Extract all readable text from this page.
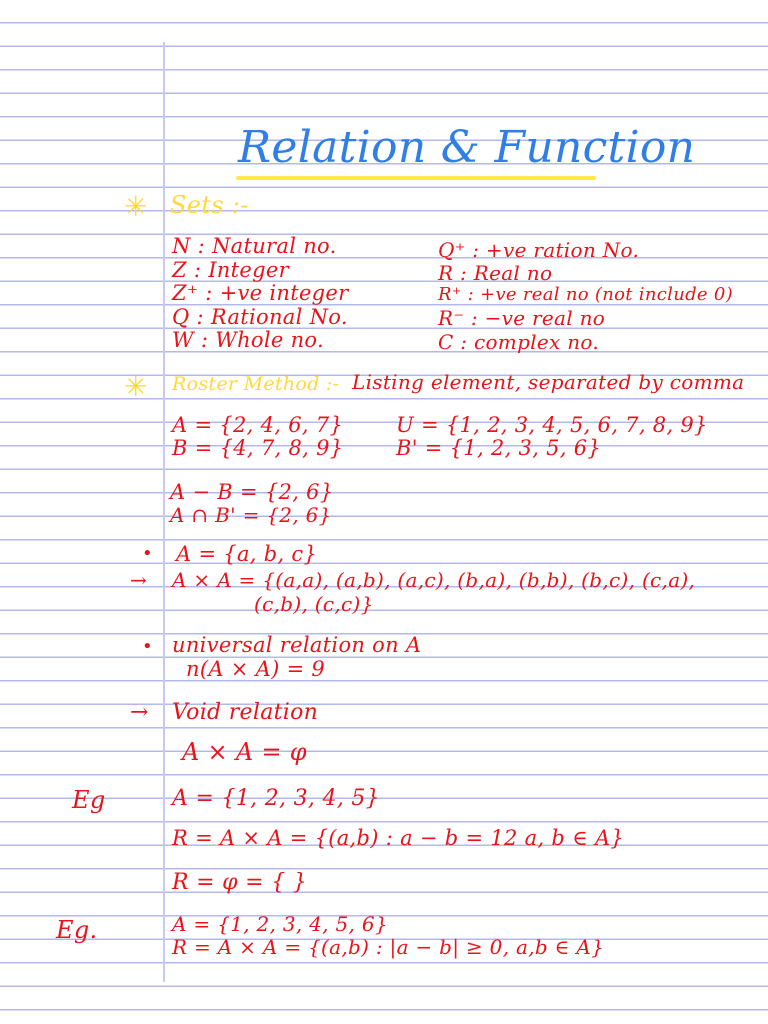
Relation & Function
✳ Sets :-
N : Natural no.
Z : Integer
Z⁺ : +ve integer
Q : Rational No.
W : Whole no.
Q⁺ : +ve ration No.
R : Real no
R⁺ : +ve real no (not include 0)
R⁻ : −ve real no
C : complex no.
✳ Roster Method :- Listing element, separated by comma
A = {2, 4, 6, 7}
B = {4, 7, 8, 9}
U = {1, 2, 3, 4, 5, 6, 7, 8, 9}
B' = {1, 2, 3, 5, 6}
A − B = {2, 6}
A ∩ B' = {2, 6}
• A = {a, b, c}
→ A × A = {(a,a), (a,b), (a,c), (b,a), (b,b), (b,c), (c,a),
(c,b), (c,c)}
• universal relation on A
n(A × A) = 9
→ Void relation
A × A = φ
Eg	A = {1, 2, 3, 4, 5}
R = A × A = {(a,b) : a − b = 12 a, b ∈ A}
R = φ = { }
Eg.	A = {1, 2, 3, 4, 5, 6}
R = A × A = {(a,b) : |a − b| ≥ 0, a,b ∈ A}
